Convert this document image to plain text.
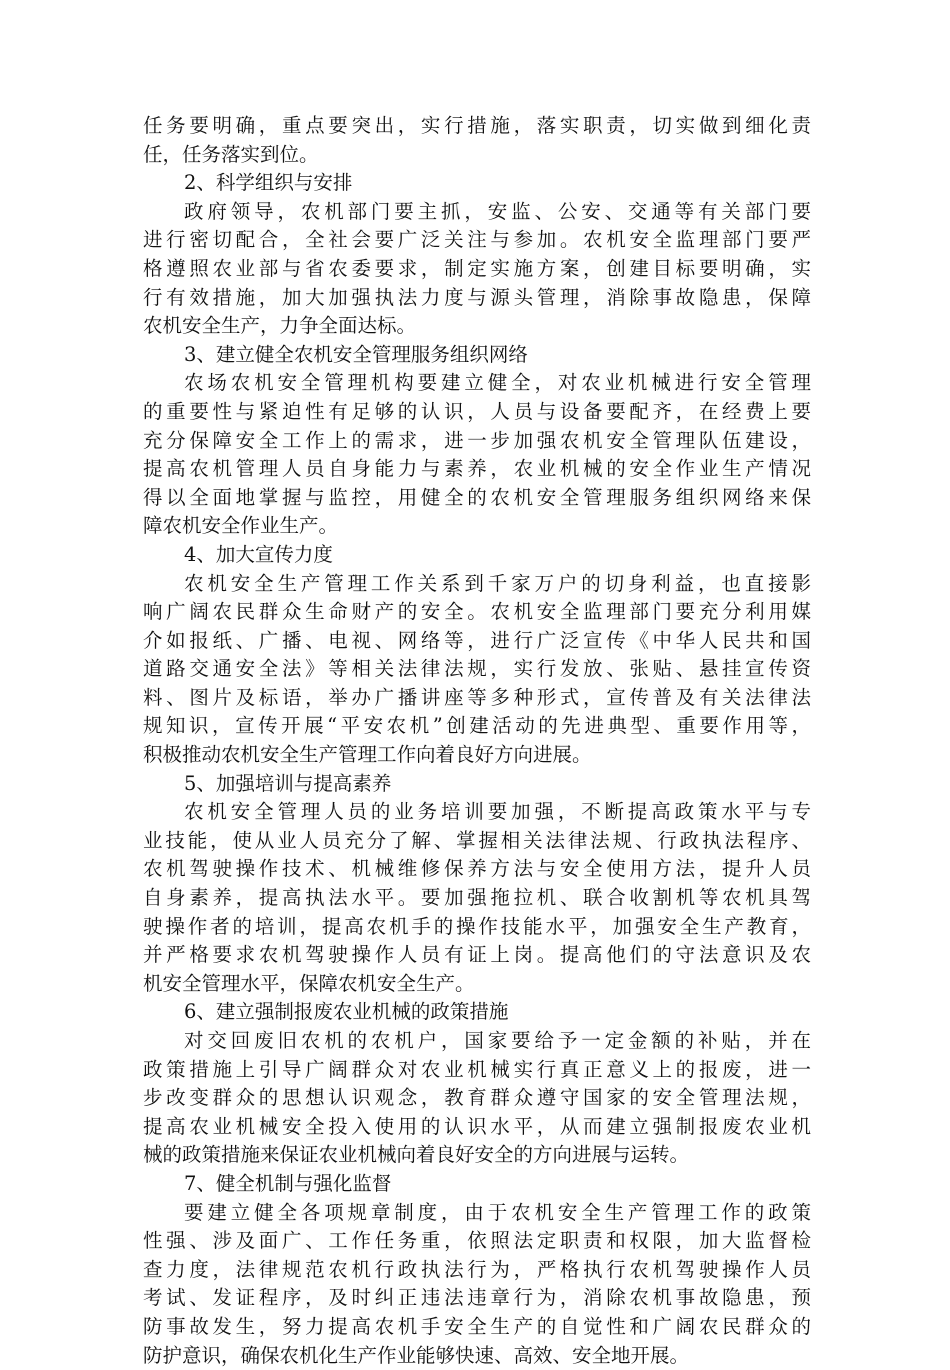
任务要明确，重点要突出，实行措施，落实职责，切实做到细化责
任，任务落实到位。
2、科学组织与安排
政府领导，农机部门要主抓，安监、公安、交通等有关部门要
进行密切配合，全社会要广泛关注与参加。农机安全监理部门要严
格遵照农业部与省农委要求，制定实施方案，创建目标要明确，实
行有效措施，加大加强执法力度与源头管理，消除事故隐患，保障
农机安全生产，力争全面达标。
3、建立健全农机安全管理服务组织网络
农场农机安全管理机构要建立健全，对农业机械进行安全管理
的重要性与紧迫性有足够的认识，人员与设备要配齐，在经费上要
充分保障安全工作上的需求，进一步加强农机安全管理队伍建设，
提高农机管理人员自身能力与素养，农业机械的安全作业生产情况
得以全面地掌握与监控，用健全的农机安全管理服务组织网络来保
障农机安全作业生产。
4、加大宣传力度
农机安全生产管理工作关系到千家万户的切身利益，也直接影
响广阔农民群众生命财产的安全。农机安全监理部门要充分利用媒
介如报纸、广播、电视、网络等，进行广泛宣传《中华人民共和国
道路交通安全法》等相关法律法规，实行发放、张贴、悬挂宣传资
料、图片及标语，举办广播讲座等多种形式，宣传普及有关法律法
规知识，宣传开展“平安农机”创建活动的先进典型、重要作用等，
积极推动农机安全生产管理工作向着良好方向进展。
5、加强培训与提高素养
农机安全管理人员的业务培训要加强，不断提高政策水平与专
业技能，使从业人员充分了解、掌握相关法律法规、行政执法程序、
农机驾驶操作技术、机械维修保养方法与安全使用方法，提升人员
自身素养，提高执法水平。要加强拖拉机、联合收割机等农机具驾
驶操作者的培训，提高农机手的操作技能水平，加强安全生产教育，
并严格要求农机驾驶操作人员有证上岗。提高他们的守法意识及农
机安全管理水平，保障农机安全生产。
6、建立强制报废农业机械的政策措施
对交回废旧农机的农机户，国家要给予一定金额的补贴，并在
政策措施上引导广阔群众对农业机械实行真正意义上的报废，进一
步改变群众的思想认识观念，教育群众遵守国家的安全管理法规，
提高农业机械安全投入使用的认识水平，从而建立强制报废农业机
械的政策措施来保证农业机械向着良好安全的方向进展与运转。
7、健全机制与强化监督
要建立健全各项规章制度，由于农机安全生产管理工作的政策
性强、涉及面广、工作任务重，依照法定职责和权限，加大监督检
查力度，法律规范农机行政执法行为，严格执行农机驾驶操作人员
考试、发证程序，及时纠正违法违章行为，消除农机事故隐患，预
防事故发生，努力提高农机手安全生产的自觉性和广阔农民群众的
防护意识，确保农机化生产作业能够快速、高效、安全地开展。
